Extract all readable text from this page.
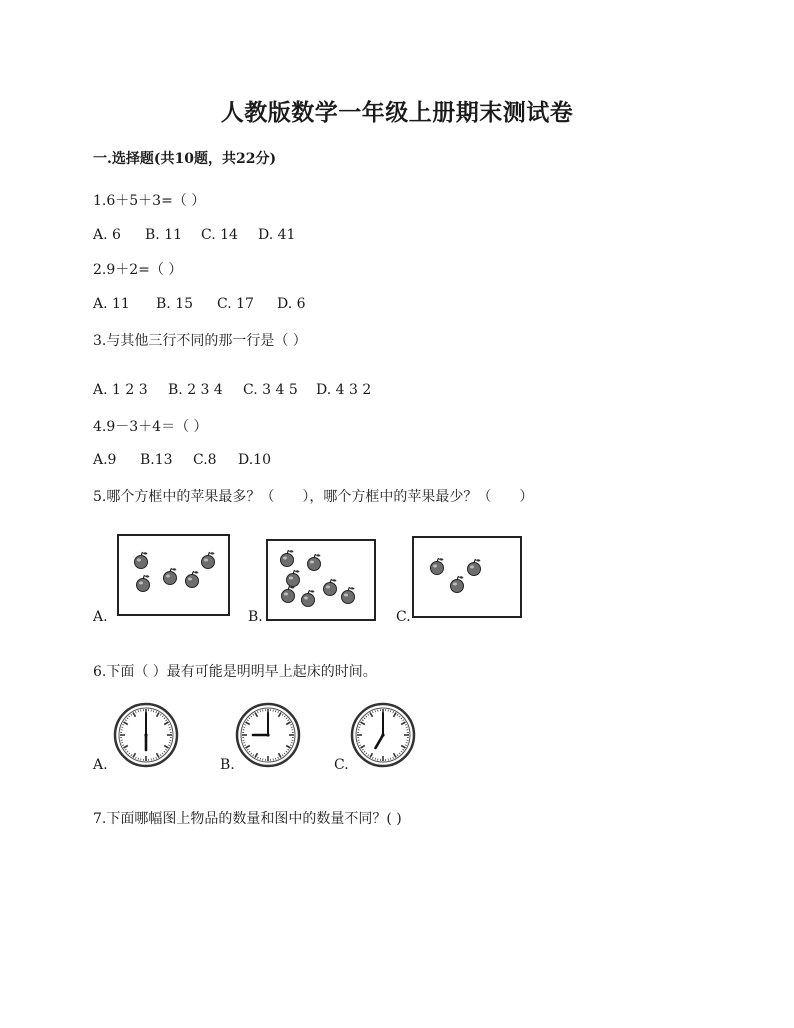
人教版数学一年级上册期末测试卷
一.选择题(共10题，共22分)
1.6＋5＋3=（ ）
A. 6 B. 11 C. 14 D. 41
2.9＋2=（ ）
A. 11 B. 15 C. 17 D. 6
3.与其他三行不同的那一行是（ ）
A. 1 2 3 B. 2 3 4 C. 3 4 5 D. 4 3 2
4.9－3＋4＝（ ）
A.9 B.13 C.8 D.10
5.哪个方框中的苹果最多？（　　），哪个方框中的苹果最少？（　　）
A.	B.	C.
6.下面（ ）最有可能是明明早上起床的时间。
A.	B.	C.
7.下面哪幅图上物品的数量和图中的数量不同？( )
